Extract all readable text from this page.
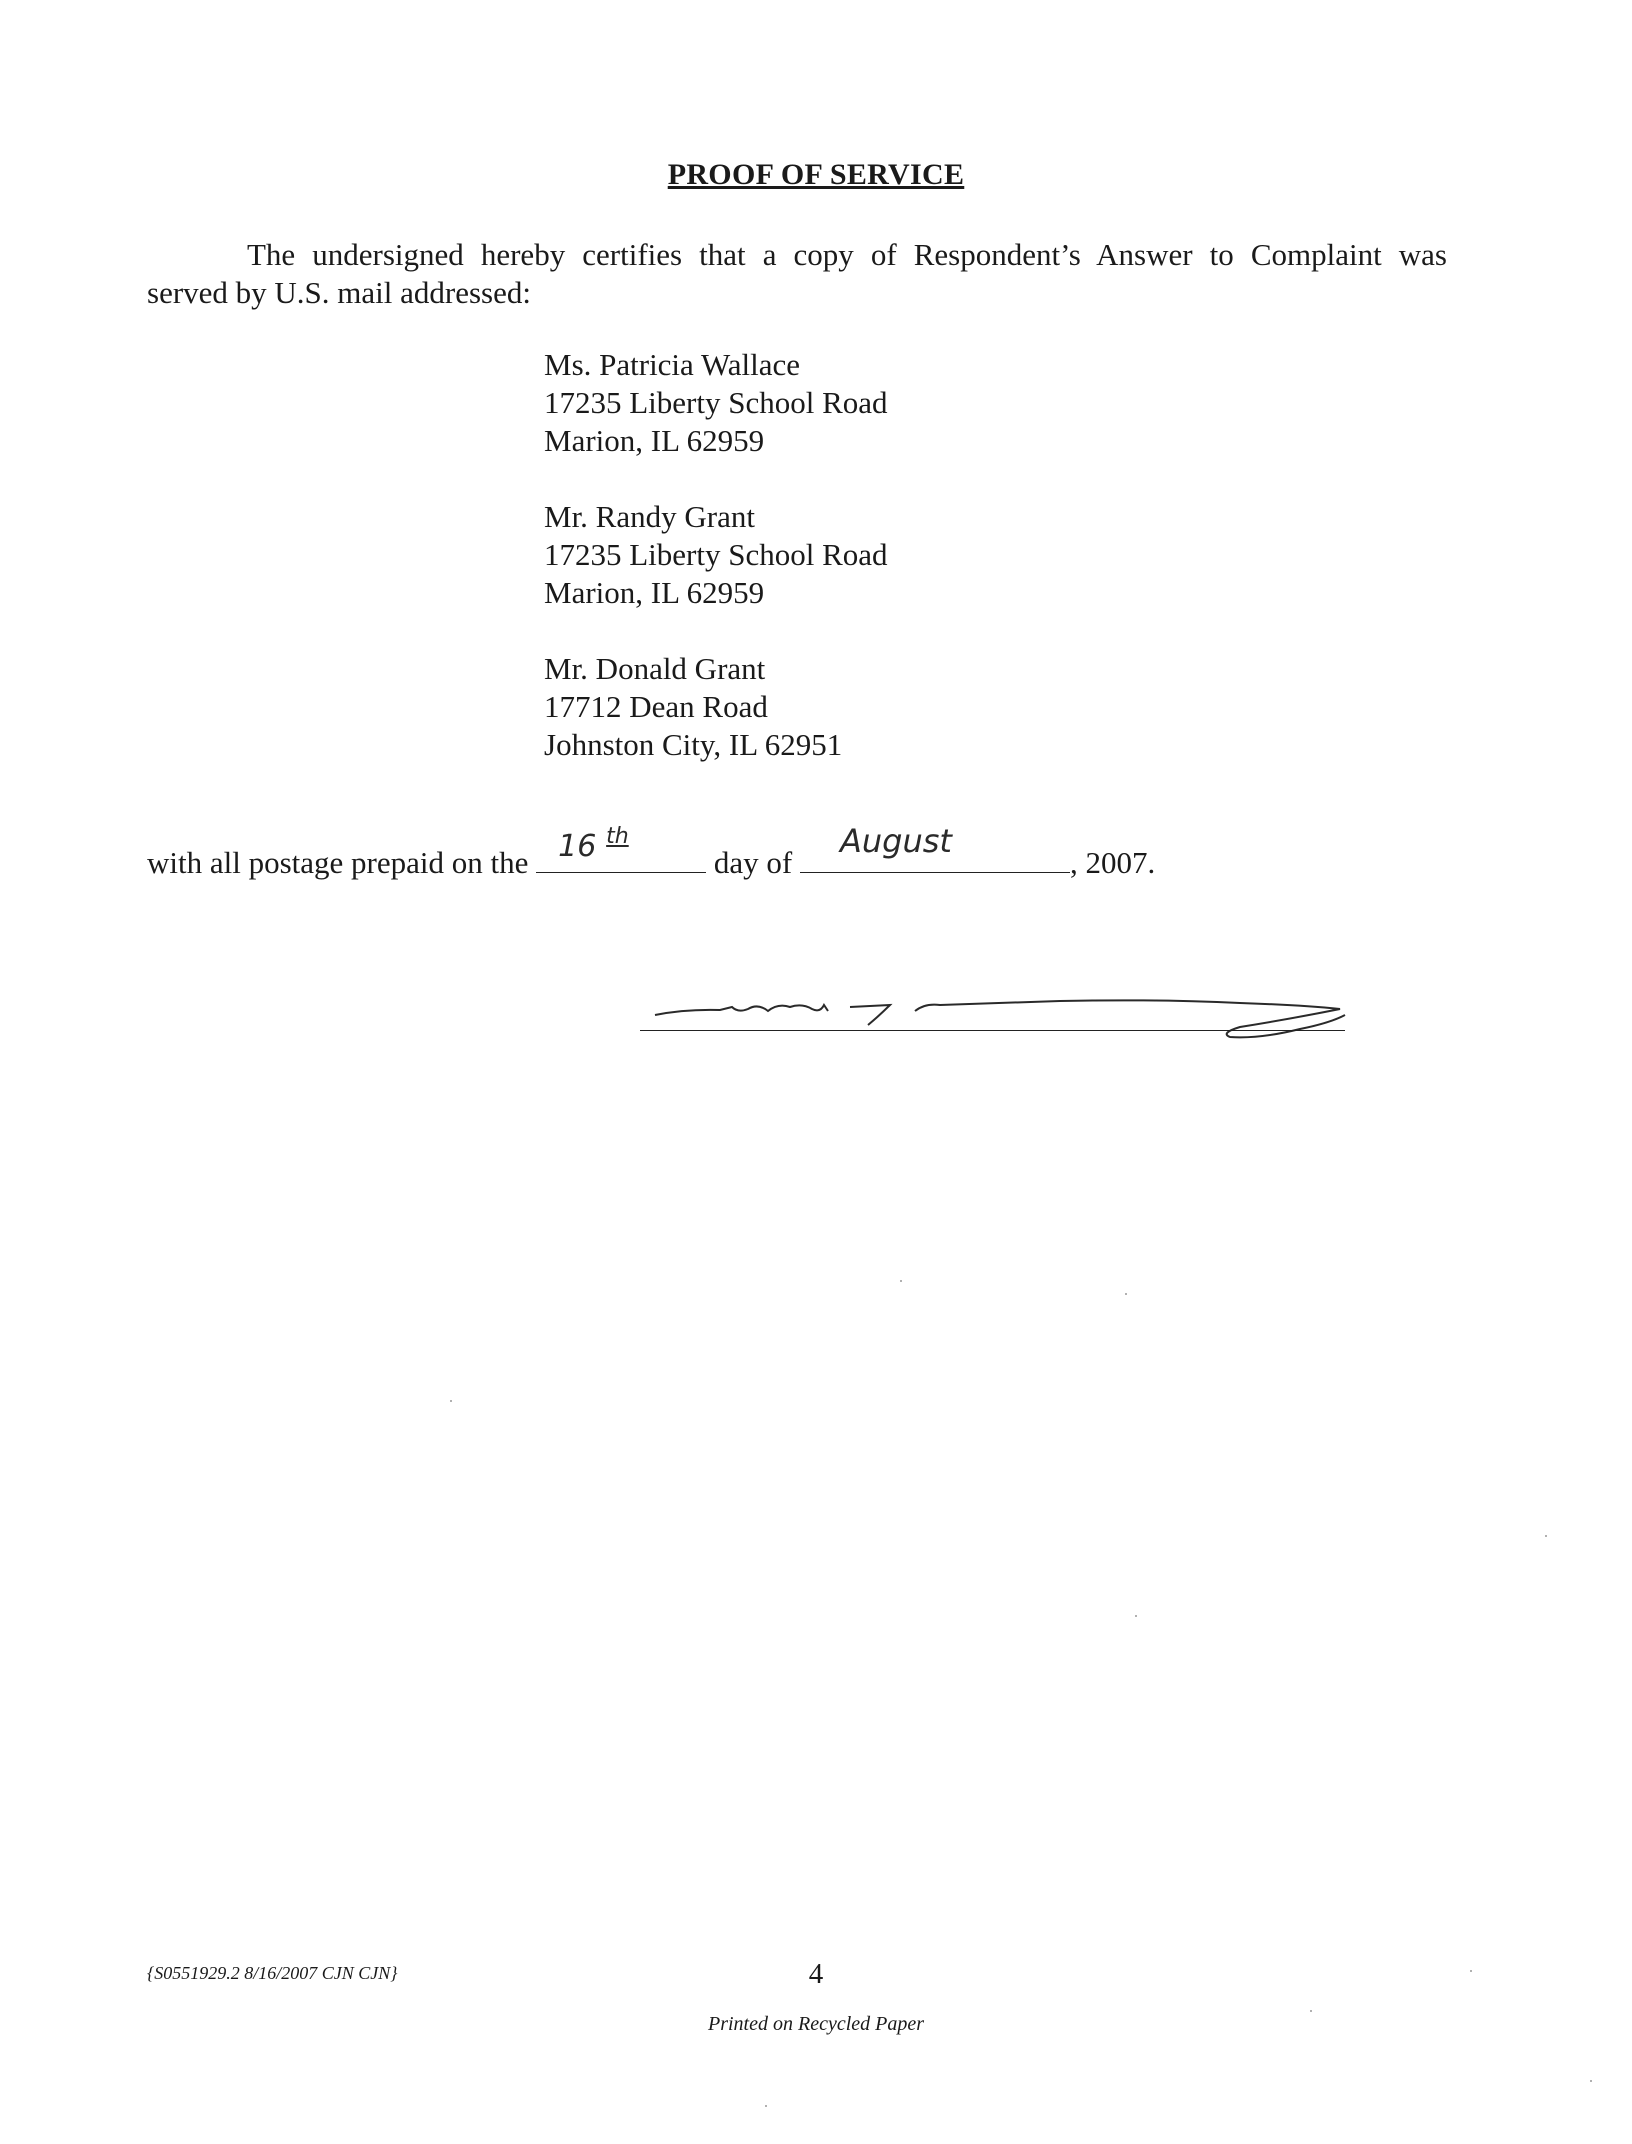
PROOF OF SERVICE
The undersigned hereby certifies that a copy of Respondent’s Answer to Complaint was
served by U.S. mail addressed:
Ms. Patricia Wallace
17235 Liberty School Road
Marion, IL 62959
Mr. Randy Grant
17235 Liberty School Road
Marion, IL 62959
Mr. Donald Grant
17712 Dean Road
Johnston City, IL 62951
with all postage prepaid on the 16 th
day of
August
, 2007.
{S0551929.2 8/16/2007 CJN CJN}	4
Printed on Recycled Paper
